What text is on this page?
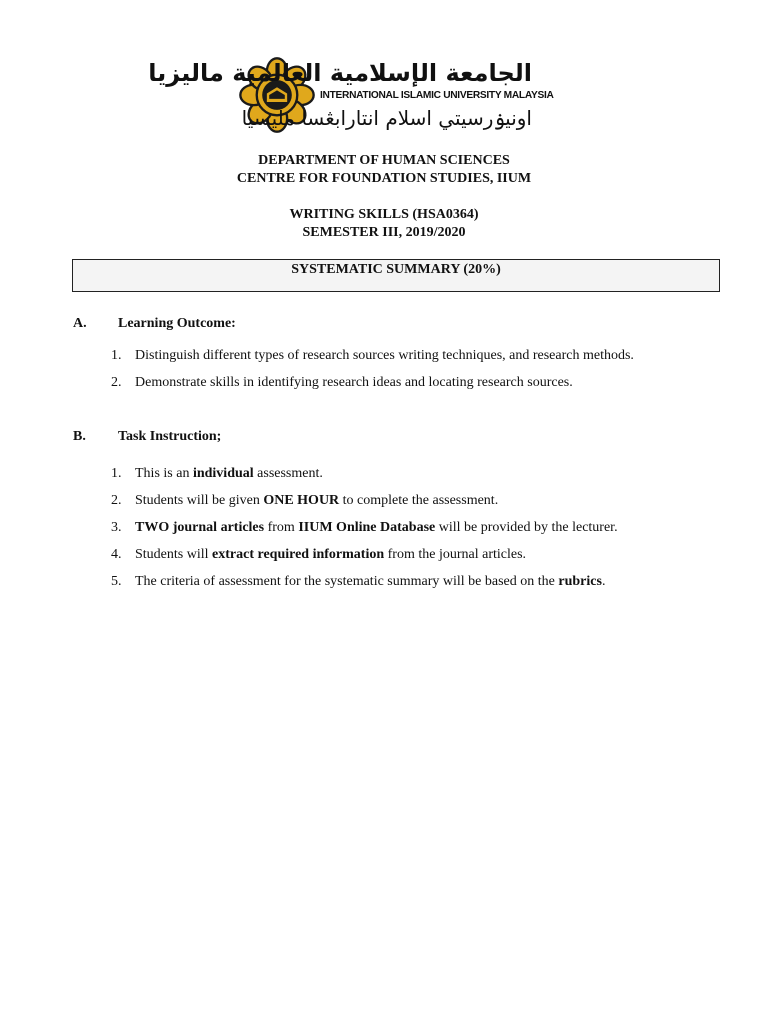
الجامعة الإسلامية العالمية ماليزيا
INTERNATIONAL ISLAMIC UNIVERSITY MALAYSIA
اونيۏرسيتي اسلام انتارابڠسا مليسيا
DEPARTMENT OF HUMAN SCIENCES
CENTRE FOR FOUNDATION STUDIES, IIUM
WRITING SKILLS (HSA0364)
SEMESTER III, 2019/2020
SYSTEMATIC SUMMARY (20%)
A. Learning Outcome:
1. Distinguish different types of research sources writing techniques, and research methods.
2. Demonstrate skills in identifying research ideas and locating research sources.
B. Task Instruction;
1. This is an individual assessment.
2. Students will be given ONE HOUR to complete the assessment.
3. TWO journal articles from IIUM Online Database will be provided by the lecturer.
4. Students will extract required information from the journal articles.
5. The criteria of assessment for the systematic summary will be based on the rubrics.
